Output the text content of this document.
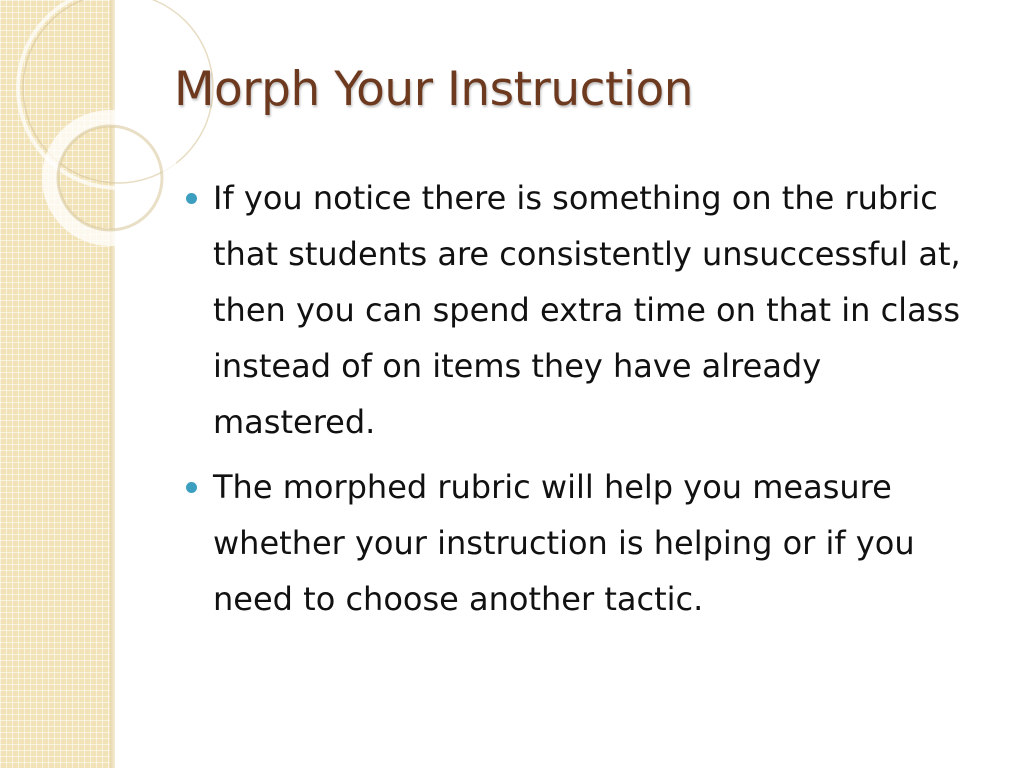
Morph Your Instruction
If you notice there is something on the rubric that students are consistently unsuccessful at, then you can spend extra time on that in class instead of on items they have already mastered.
The morphed rubric will help you measure whether your instruction is helping or if you need to choose another tactic.
